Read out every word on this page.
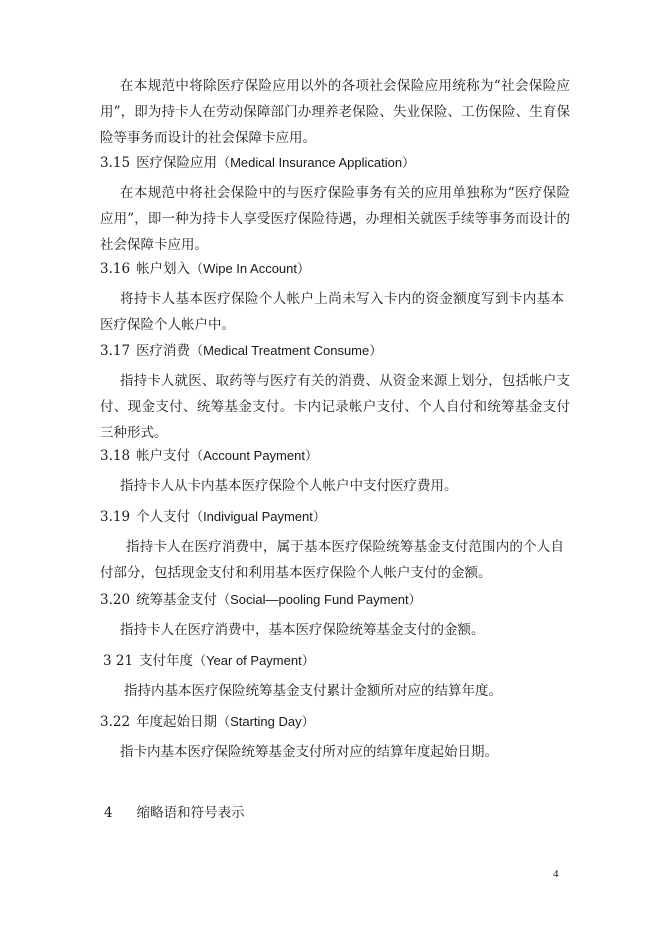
在本规范中将除医疗保险应用以外的各项社会保险应用统称为“社会保险应用”，即为持卡人在劳动保障部门办理养老保险、失业保险、工伤保险、生育保险等事务而设计的社会保障卡应用。

3.15 医疗保险应用（Medical Insurance Application）

在本规范中将社会保险中的与医疗保险事务有关的应用单独称为“医疗保险应用”，即一种为持卡人享受医疗保险待遇，办理相关就医手续等事务而设计的社会保障卡应用。

3.16 帐户划入（Wipe In Account）

将持卡人基本医疗保险个人帐户上尚未写入卡内的资金额度写到卡内基本医疗保险个人帐户中。

3.17 医疗消费（Medical Treatment Consume）

指持卡人就医、取药等与医疗有关的消费、从资金来源上划分，包括帐户支付、现金支付、统筹基金支付。卡内记录帐户支付、个人自付和统筹基金支付三种形式。

3.18 帐户支付（Account Payment）

指持卡人从卡内基本医疗保险个人帐户中支付医疗费用。

3.19 个人支付（Indivigual Payment）

指持卡人在医疗消费中，属于基本医疗保险统筹基金支付范围内的个人自付部分，包括现金支付和利用基本医疗保险个人帐户支付的金额。

3.20 统筹基金支付（Social—pooling Fund Payment）

指持卡人在医疗消费中，基本医疗保险统筹基金支付的金额。

3 21 支付年度（Year of Payment）

指持内基本医疗保险统筹基金支付累计金额所对应的结算年度。

3.22 年度起始日期（Starting Day）

指卡内基本医疗保险统筹基金支付所对应的结算年度起始日期。

4 缩略语和符号表示
4
